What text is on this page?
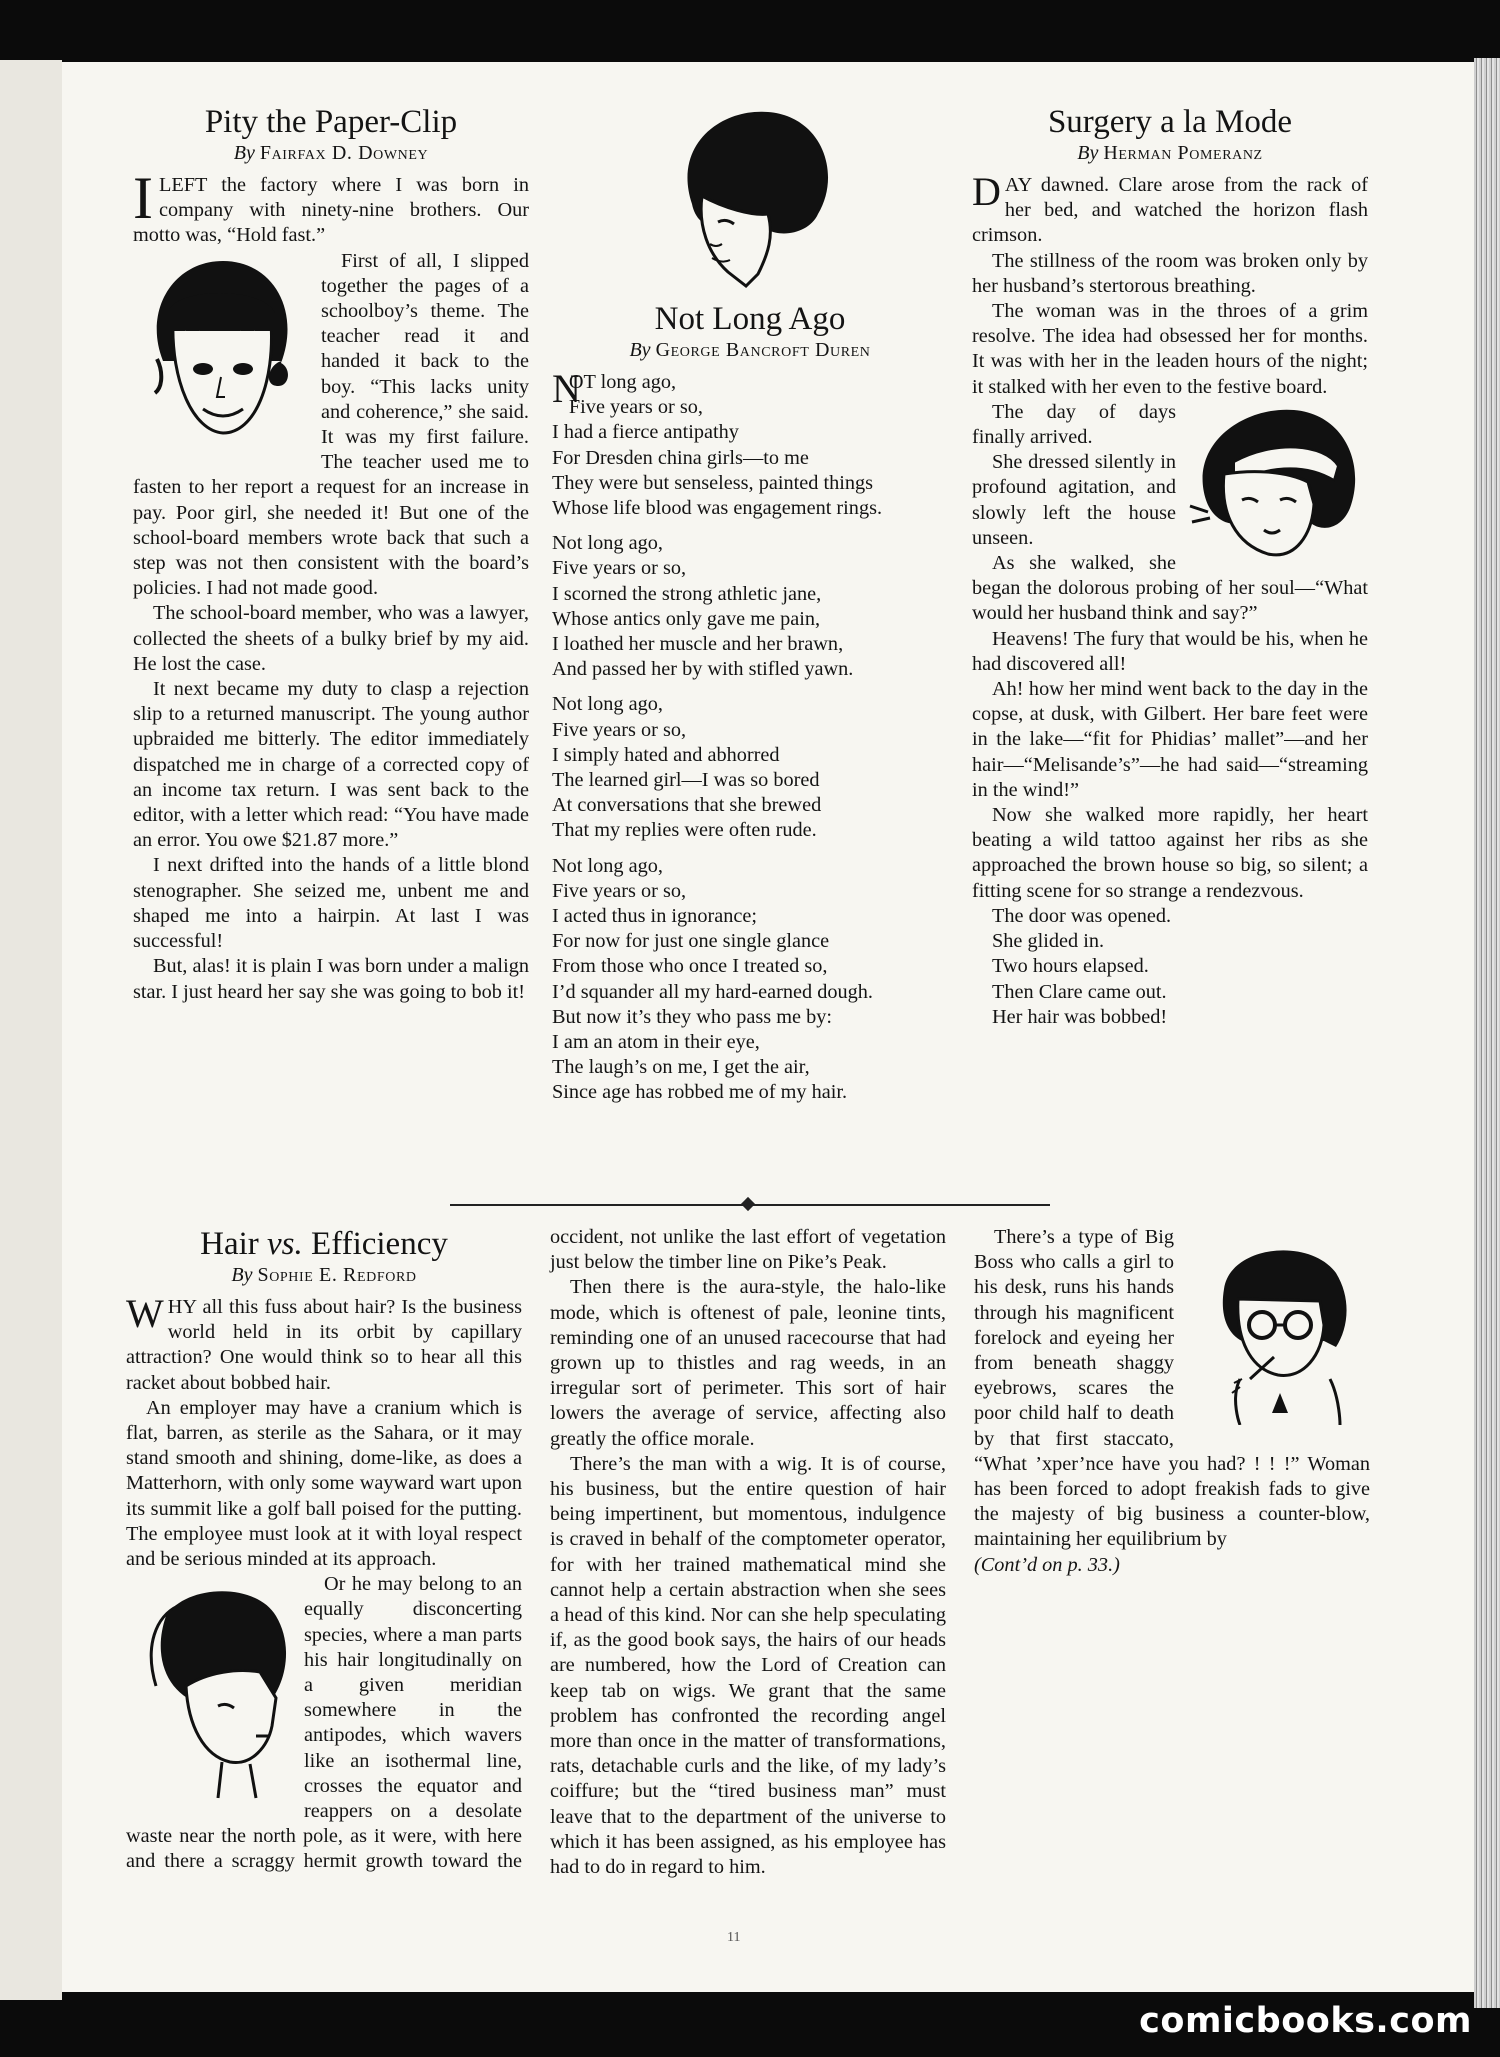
Pity the Paper-Clip
By Fairfax D. Downey

ILEFT the factory where I was born in company with ninety-nine brothers. Our motto was, “Hold fast.”

First of all, I slipped together the pages of a schoolboy’s theme. The teacher read it and handed it back to the boy. “This lacks unity and coherence,” she said. It was my first failure. The teacher used me to fasten to her report a request for an increase in pay. Poor girl, she needed it! But one of the school-board members wrote back that such a step was not then consistent with the board’s policies. I had not made good.

The school-board member, who was a lawyer, collected the sheets of a bulky brief by my aid. He lost the case.

It next became my duty to clasp a rejection slip to a returned manuscript. The young author upbraided me bitterly. The editor immediately dispatched me in charge of a corrected copy of an income tax return. I was sent back to the editor, with a letter which read: “You have made an error. You owe $21.87 more.”

I next drifted into the hands of a little blond stenographer. She seized me, unbent me and shaped me into a hairpin. At last I was successful!

But, alas! it is plain I was born under a malign star. I just heard her say she was going to bob it!

Not Long Ago
By George Bancroft Duren
N
OT long ago,
Five years or so,
I had a fierce antipathy
For Dresden china girls—to me
They were but senseless, painted things
Whose life blood was engagement rings.
Not long ago,
Five years or so,
I scorned the strong athletic jane,
Whose antics only gave me pain,
I loathed her muscle and her brawn,
And passed her by with stifled yawn.
Not long ago,
Five years or so,
I simply hated and abhorred
The learned girl—I was so bored
At conversations that she brewed
That my replies were often rude.
Not long ago,
Five years or so,
I acted thus in ignorance;
For now for just one single glance
From those who once I treated so,
I’d squander all my hard-earned dough.
But now it’s they who pass me by:
I am an atom in their eye,
The laugh’s on me, I get the air,
Since age has robbed me of my hair.
Surgery a la Mode
By Herman Pomeranz

DAY dawned. Clare arose from the rack of her bed, and watched the horizon flash crimson.

The stillness of the room was broken only by her husband’s stertorous breathing.

The woman was in the throes of a grim resolve. The idea had obsessed her for months. It was with her in the leaden hours of the night; it stalked with her even to the festive board.

The day of days finally arrived.

She dressed silently in profound agitation, and slowly left the house unseen.

As she walked, she began the dolorous probing of her soul—“What would her husband think and say?”

Heavens! The fury that would be his, when he had discovered all!

Ah! how her mind went back to the day in the copse, at dusk, with Gilbert. Her bare feet were in the lake—“fit for Phidias’ mallet”—and her hair—“Melisande’s”—he had said—“streaming in the wind!”

Now she walked more rapidly, her heart beating a wild tattoo against her ribs as she approached the brown house so big, so silent; a fitting scene for so strange a rendezvous.

The door was opened.

She glided in.

Two hours elapsed.

Then Clare came out.

Her hair was bobbed!

Hair vs. Efficiency
By Sophie E. Redford

WHY all this fuss about hair? Is the business world held in its orbit by capillary attraction? One would think so to hear all this racket about bobbed hair.

An employer may have a cranium which is flat, barren, as sterile as the Sahara, or it may stand smooth and shining, dome-like, as does a Matterhorn, with only some wayward wart upon its summit like a golf ball poised for the putting. The employee must look at it with loyal respect and be serious minded at its approach.

Or he may belong to an equally disconcerting species, where a man parts his hair longitudinally on a given meridian somewhere in the antipodes, which wavers like an isothermal line, crosses the equator and reappers on a desolate waste near the north pole, as it were, with here and there a scraggy hermit growth toward the occident, not unlike the last effort of vegetation just below the timber line on Pike’s Peak.

Then there is the aura-style, the halo-like mode, which is oftenest of pale, leonine tints, reminding one of an unused racecourse that had grown up to thistles and rag weeds, in an irregular sort of perimeter. This sort of hair lowers the average of service, affecting also greatly the office morale.

There’s the man with a wig. It is of course, his business, but the entire question of hair being impertinent, but momentous, indulgence is craved in behalf of the comptometer operator, for with her trained mathematical mind she cannot help a certain abstraction when she sees a head of this kind. Nor can she help speculating if, as the good book says, the hairs of our heads are numbered, how the Lord of Creation can keep tab on wigs. We grant that the same problem has confronted the recording angel more than once in the matter of transformations, rats, detachable curls and the like, of my lady’s coiffure; but the “tired business man” must leave that to the department of the universe to which it has been assigned, as his employee has had to do in regard to him.

There’s a type of Big Boss who calls a girl to his desk, runs his hands through his magnificent forelock and eyeing her from beneath shaggy eyebrows, scares the poor child half to death by that first staccato, “What ’xper’nce have you had? ! ! !” Woman has been forced to adopt freakish fads to give the majesty of big business a counter-blow, maintaining her equilibrium by

(Cont’d on p. 33.)

11
comicbooks.com
